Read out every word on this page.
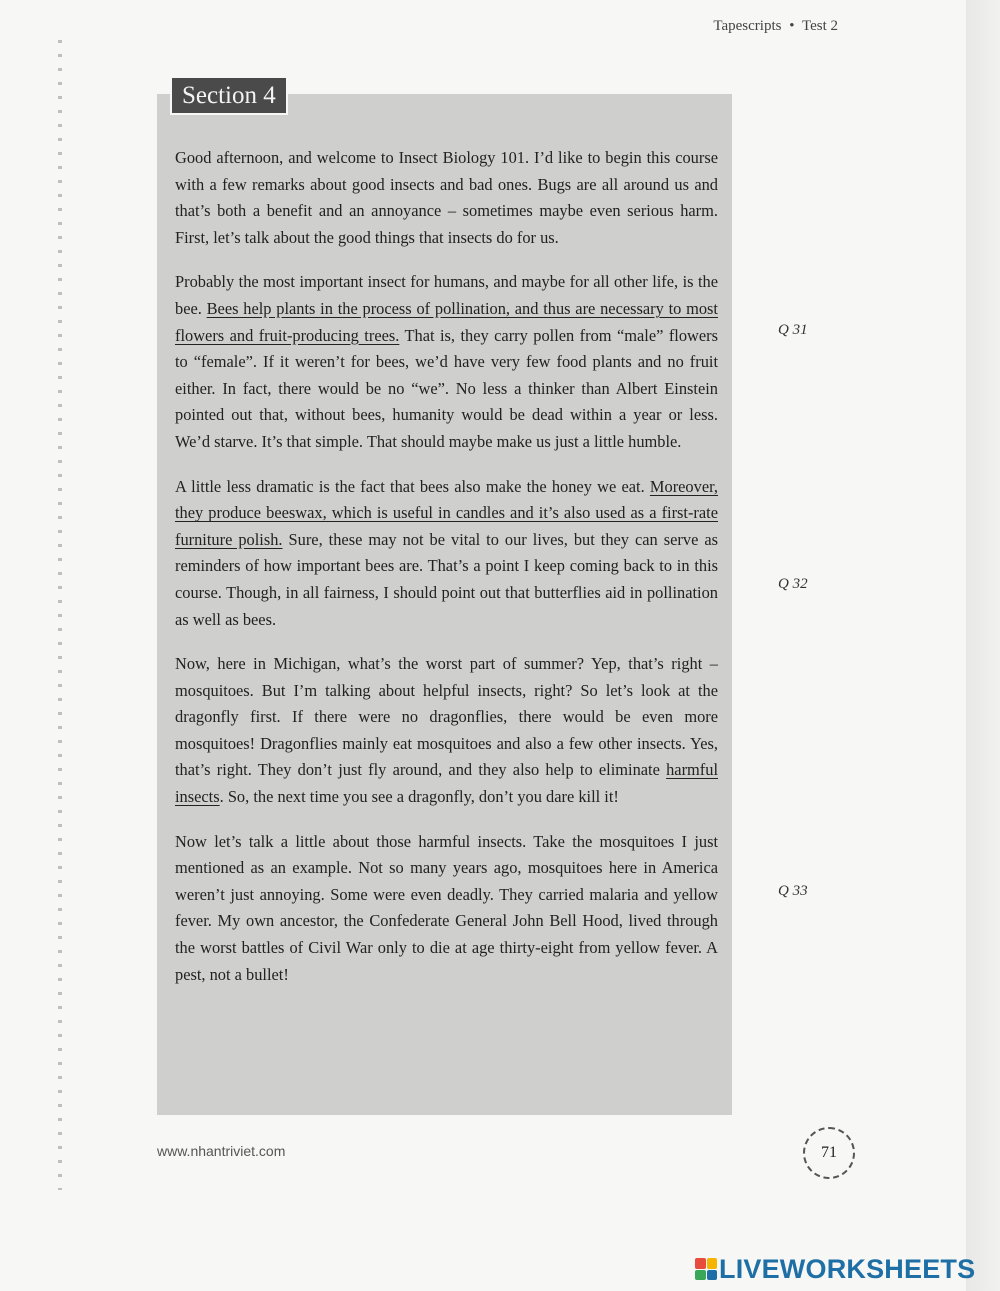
Tapescripts • Test 2
Section 4

Good afternoon, and welcome to Insect Biology 101. I’d like to begin this course with a few remarks about good insects and bad ones. Bugs are all around us and that’s both a benefit and an annoyance – sometimes maybe even serious harm. First, let’s talk about the good things that insects do for us.

Probably the most important insect for humans, and maybe for all other life, is the bee. Bees help plants in the process of pollination, and thus are necessary to most flowers and fruit-producing trees. That is, they carry pollen from “male” flowers to “female”. If it weren’t for bees, we’d have very few food plants and no fruit either. In fact, there would be no “we”. No less a thinker than Albert Einstein pointed out that, without bees, humanity would be dead within a year or less. We’d starve. It’s that simple. That should maybe make us just a little humble.

A little less dramatic is the fact that bees also make the honey we eat. Moreover, they produce beeswax, which is useful in candles and it’s also used as a first-rate furniture polish. Sure, these may not be vital to our lives, but they can serve as reminders of how important bees are. That’s a point I keep coming back to in this course. Though, in all fairness, I should point out that butterflies aid in pollination as well as bees.

Now, here in Michigan, what’s the worst part of summer? Yep, that’s right – mosquitoes. But I’m talking about helpful insects, right? So let’s look at the dragonfly first. If there were no dragonflies, there would be even more mosquitoes! Dragonflies mainly eat mosquitoes and also a few other insects. Yes, that’s right. They don’t just fly around, and they also help to eliminate harmful insects. So, the next time you see a dragonfly, don’t you dare kill it!

Now let’s talk a little about those harmful insects. Take the mosquitoes I just mentioned as an example. Not so many years ago, mosquitoes here in America weren’t just annoying. Some were even deadly. They carried malaria and yellow fever. My own ancestor, the Confederate General John Bell Hood, lived through the worst battles of Civil War only to die at age thirty-eight from yellow fever. A pest, not a bullet!

Q 31
Q 32
Q 33
www.nhantriviet.com	71
LIVEWORKSHEETS
